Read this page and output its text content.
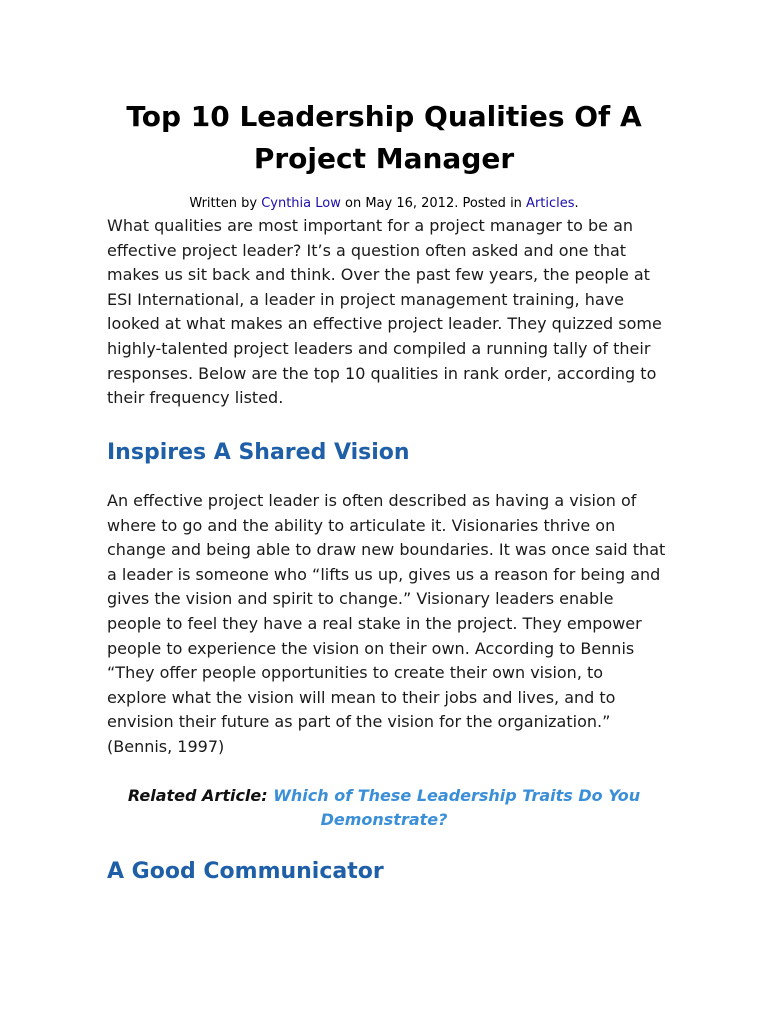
Top 10 Leadership Qualities Of A Project Manager
Written by Cynthia Low on May 16, 2012. Posted in Articles.

What qualities are most important for a project manager to be an effective project leader? It’s a question often asked and one that makes us sit back and think. Over the past few years, the people at ESI International, a leader in project management training, have looked at what makes an effective project leader. They quizzed some highly-talented project leaders and compiled a running tally of their responses. Below are the top 10 qualities in rank order, according to their frequency listed.

Inspires A Shared Vision

An effective project leader is often described as having a vision of where to go and the ability to articulate it. Visionaries thrive on change and being able to draw new boundaries. It was once said that a leader is someone who “lifts us up, gives us a reason for being and gives the vision and spirit to change.” Visionary leaders enable people to feel they have a real stake in the project. They empower people to experience the vision on their own. According to Bennis “They offer people opportunities to create their own vision, to explore what the vision will mean to their jobs and lives, and to envision their future as part of the vision for the organization.” (Bennis, 1997)

Related Article: Which of These Leadership Traits Do You Demonstrate?
A Good Communicator
